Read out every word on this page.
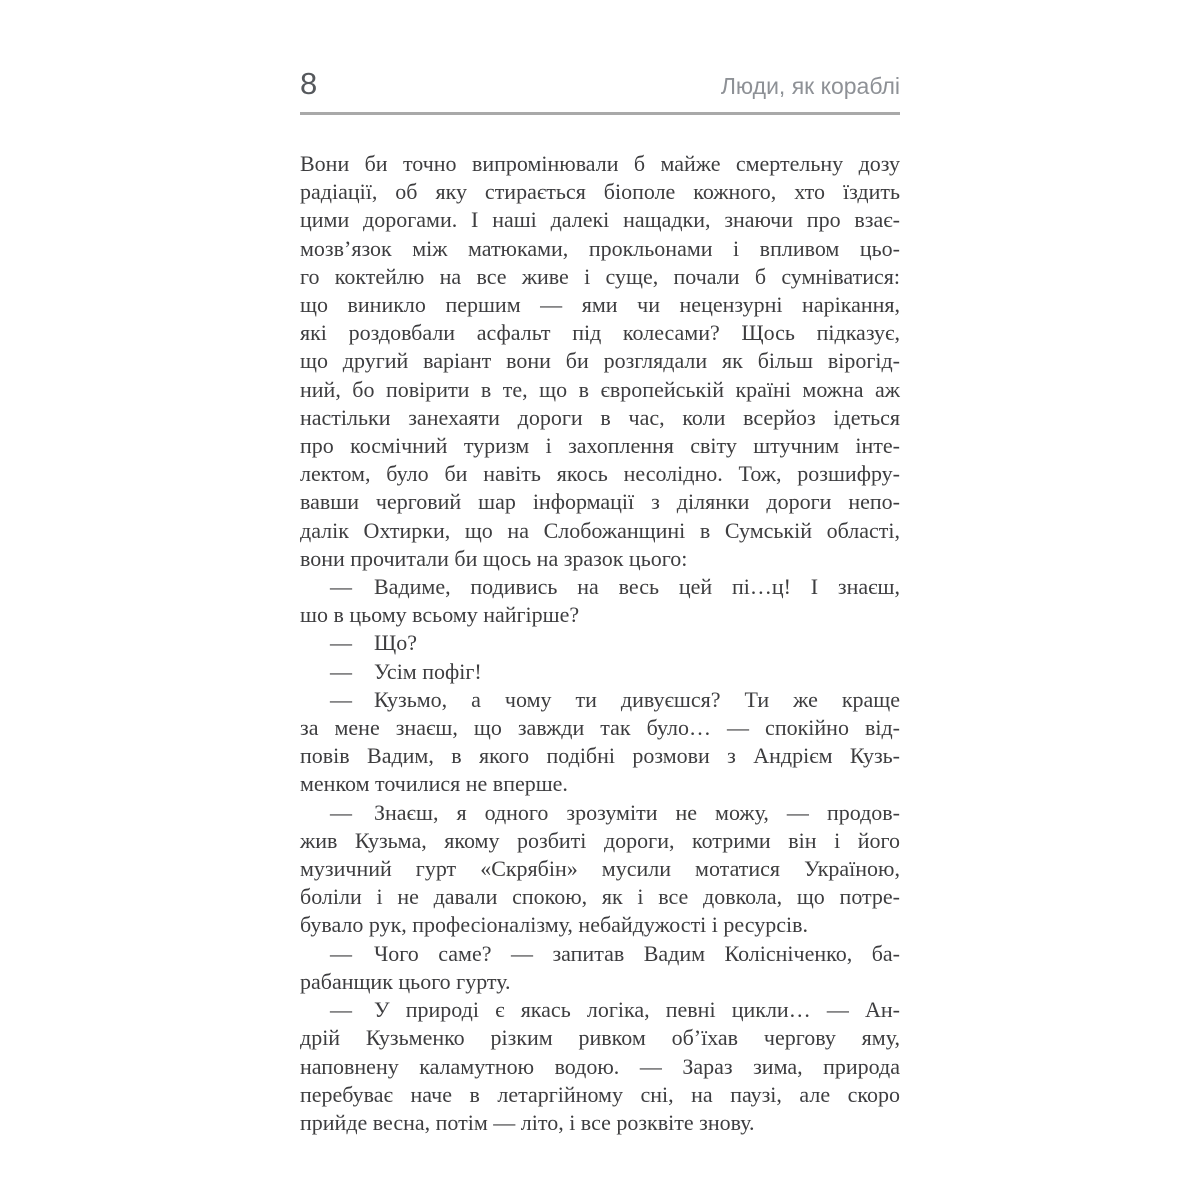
8	Люди, як кораблі
Вони би точно випромінювали б майже смертельну дозу
радіації, об яку стирається біополе кожного, хто їздить
цими дорогами. І наші далекі нащадки, знаючи про взає-
мозв’язок між матюками, прокльонами і впливом цьо-
го коктейлю на все живе і суще, почали б сумніватися:
що виникло першим — ями чи нецензурні нарікання,
які роздовбали асфальт під колесами? Щось підказує,
що другий варіант вони би розглядали як більш вірогід-
ний, бо повірити в те, що в європейській країні можна аж
настільки занехаяти дороги в час, коли всерйоз ідеться
про космічний туризм і захоплення світу штучним інте-
лектом, було би навіть якось несолідно. Тож, розшифру-
вавши черговий шар інформації з ділянки дороги непо-
далік Охтирки, що на Слобожанщині в Сумській області,
вони прочитали би щось на зразок цього:
— Вадиме, подивись на весь цей пі…ц! І знаєш,
шо в цьому всьому найгірше?
— Що?
— Усім пофіг!
— Кузьмо, а чому ти дивуєшся? Ти же краще
за мене знаєш, що завжди так було… — спокійно від-
повів Вадим, в якого подібні розмови з Андрієм Кузь-
менком точилися не вперше.
— Знаєш, я одного зрозуміти не можу, — продов-
жив Кузьма, якому розбиті дороги, котрими він і його
музичний гурт «Скрябін» мусили мотатися Україною,
боліли і не давали спокою, як і все довкола, що потре-
бувало рук, професіоналізму, небайдужості і ресурсів.
— Чого саме? — запитав Вадим Колісніченко, ба-
рабанщик цього гурту.
— У природі є якась логіка, певні цикли… — Ан-
дрій Кузьменко різким ривком об’їхав чергову яму,
наповнену каламутною водою. — Зараз зима, природа
перебуває наче в летаргійному сні, на паузі, але скоро
прийде весна, потім — літо, і все розквіте знову.
